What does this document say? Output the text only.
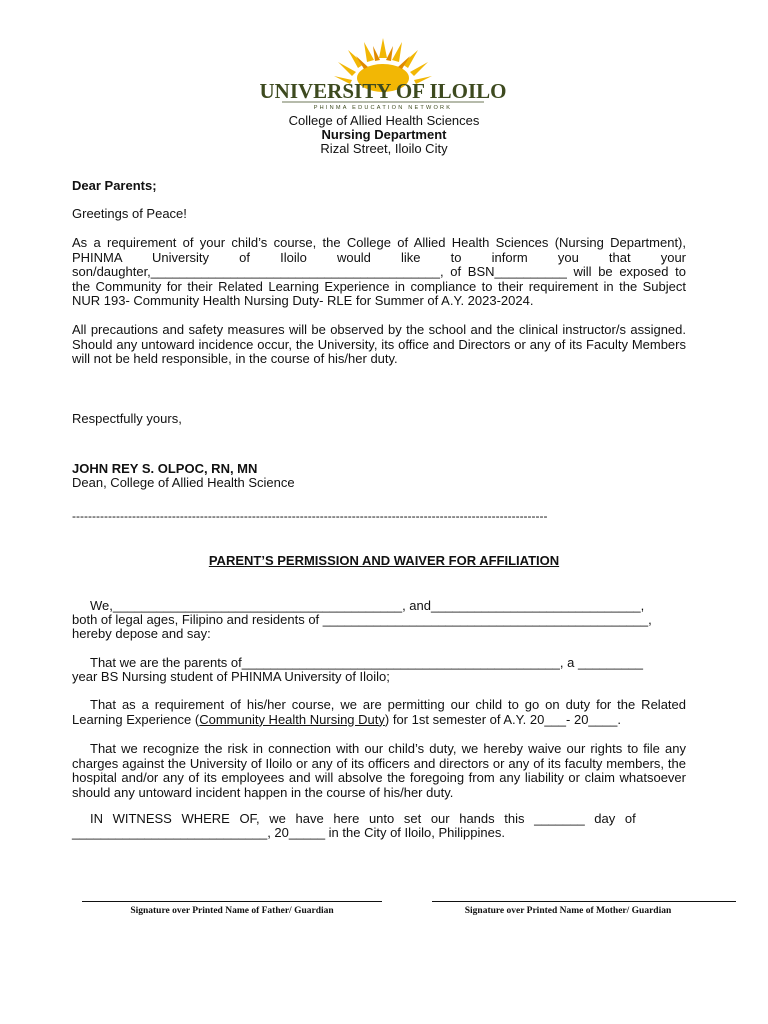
UNIVERSITY OF ILOILO
PHINMA EDUCATION NETWORK
College of Allied Health Sciences
Nursing Department
Rizal Street, Iloilo City
Dear Parents;
Greetings of Peace!
As a requirement of your child’s course, the College of Allied Health Sciences (Nursing Department), PHINMA University of Iloilo would like to inform you that your son/daughter,________________________________________, of BSN__________ will be exposed to the Community for their Related Learning Experience in compliance to their requirement in the Subject NUR 193- Community Health Nursing Duty- RLE for Summer of A.Y. 2023-2024.
All precautions and safety measures will be observed by the school and the clinical instructor/s assigned. Should any untoward incidence occur, the University, its office and Directors or any of its Faculty Members will not be held responsible, in the course of his/her duty.
Respectfully yours,
JOHN REY S. OLPOC, RN, MN
Dean, College of Allied Health Science
-----------------------------------------------------------------------------------------------------------------------
PARENT’S PERMISSION AND WAIVER FOR AFFILIATION
We,________________________________________, and_____________________________,
both of legal ages, Filipino and residents of _____________________________________________,
hereby depose and say:
That we are the parents of____________________________________________, a _________
year BS Nursing student of PHINMA University of Iloilo;
That as a requirement of his/her course, we are permitting our child to go on duty for the Related Learning Experience (Community Health Nursing Duty) for 1st semester of A.Y. 20___- 20____.
That we recognize the risk in connection with our child’s duty, we hereby waive our rights to file any charges against the University of Iloilo or any of its officers and directors or any of its faculty members, the hospital and/or any of its employees and will absolve the foregoing from any liability or claim whatsoever should any untoward incident happen in the course of his/her duty.
IN WITNESS WHERE OF, we have here unto set our hands this _______ day of
___________________________, 20_____ in the City of Iloilo, Philippines.
Signature over Printed Name of Father/ Guardian	Signature over Printed Name of Mother/ Guardian
